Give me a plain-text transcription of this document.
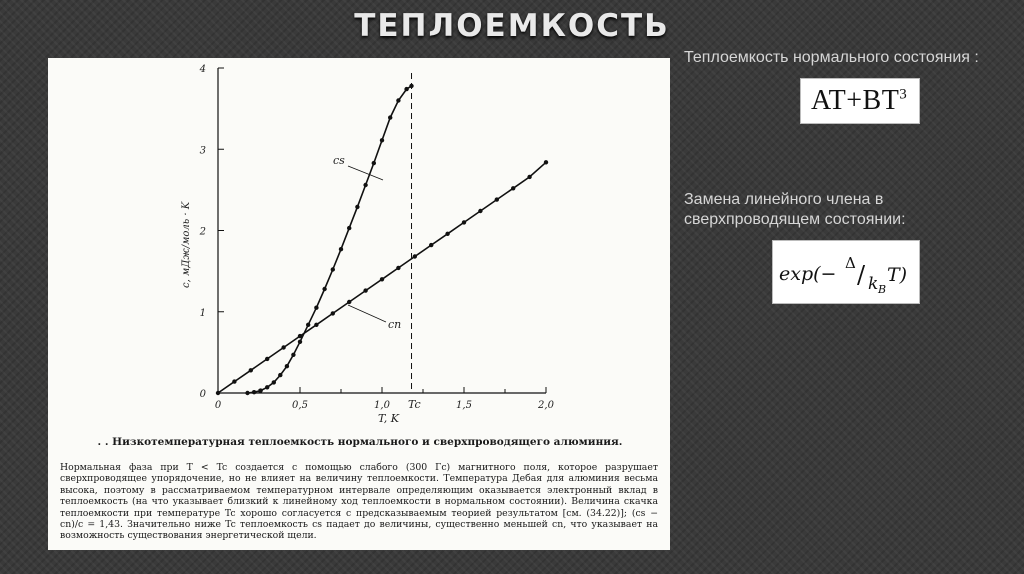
ТЕПЛОЕМКОСТЬ
0
1
2
3
4
0	0,5	1,0	1,5	2,0
c, мДж/моль · K
T, K
Tc
cs
cn
. . Низкотемпературная теплоемкость нормального и сверхпроводящего алюминия.
Нормальная фаза при T < Tc создается с помощью слабого (300 Гс) магнитного поля, которое разрушает сверхпроводящее упорядочение, но не влияет на величину теплоемкости. Температура Дебая для алюминия весьма высока, поэтому в рассматриваемом температурном интервале определяющим оказывается электронный вклад в теплоемкость (на что указывает близкий к линейному ход теплоемкости в нормальном состоянии). Величина скачка теплоемкости при температуре Tc хорошо согласуется с предсказываемым теорией результатом [см. (34.22)]; (cs − cn)/c = 1,43. Значительно ниже Tc теплоемкость cs падает до величины, существенно меньшей cn, что указывает на возможность существования энергетической щели.
Теплоемкость нормального состояния :
$AT+BT^3$
Замена линейного члена в сверхпроводящем состоянии:
exp(− Δ / k B
T)
